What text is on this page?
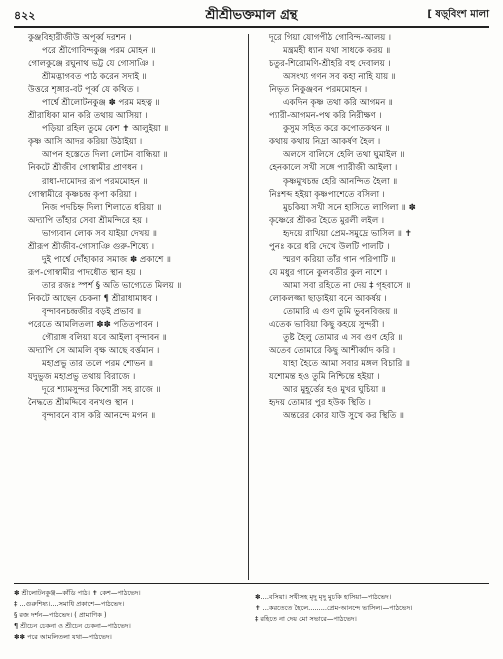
৪২২	শ্রীশ্রীভক্তমাল গ্রন্থ	[ ষড়্‌বিংশ মালা
কুঞ্জবিহারীজীউ অপূর্ব্ব দরশন ।
পরে শ্রীগোবিন্দকুঞ্জ পরম মোহন ॥
গোলকুঞ্জে রঘুনাথ ভট্ট যে গোসাঞি ।
শ্রীমদ্ভাগবত পাঠ করেন সদাই ॥
উত্তরে শৃঙ্গার-বট পূর্ব্ব যে কথিত ।
পার্শ্বে শ্রীলোটনকুঞ্জ ✽ পরম মহত্ব ॥
শ্রীরাধিকা মান করি তথায় আসিয়া ।
পড়িয়া রহিল তুমে কেশ ✝ আলুইয়া ॥
কৃষ্ণ আসি আদর করিয়া উঠাইয়া ।
আপন হস্তেতে দিলা লোটন বান্ধিয়া ॥
নিকটে শ্রীজীব গোস্বামীর প্রাণধন ।
রাধা-দামোদর রূপ পরমমোহন ॥
গোস্বামীরে কৃষ্ণচন্দ্র কৃপা করিয়া ।
নিজ পদচিহ্ন দিলা শিলাতে ধরিয়া ॥
অদ্যাপি তাঁহার সেবা শ্রীমন্দিরে হয় ।
ভাগ্যবান লোক সব যাইয়া দেখয় ॥
শ্রীরূপ শ্রীজীব-গোসাঞি গুরু-শিষ্যে ।
দুই পার্শ্বে দোঁহাকার সমাজ ✽ প্রকাশে ॥
রূপ-গোস্বামীর পাদধৌত স্থান হয় ।
তার রজঃ স্পর্শ § অতি ভাগ্যেতে মিলয় ॥
নিকটে আছেন চেকনা ¶ শ্রীরাধামাধব ।
বৃন্দাবনচন্দ্রজীর বড়ই প্রভাব ॥
পরেতে আমলিতলা ✽✽ পতিতপাবন ।
গৌরাঙ্গ বলিয়া যবে আইলা বৃন্দাবন ॥
অদ্যাপি সে আমলি বৃক্ষ আছে বর্ত্তমান ।
মহাপ্রভু তার তলে পরম শোভন ॥
যদুভুজ মহাপ্রভু তথায় বিরাজে ।
দূরে শ্যামসুন্দর কিশোরী সহ রাজে ॥
নৈদ্ধতে শ্রীমদ্দিবে বনখণ্ড স্থান ।
বৃন্দাবনে বাস করি আনন্দে মগন ॥
দূরে গিয়া যোগপীঠ গোবিন্দ-আলয় ।
মন্ত্রমহী ধ্যান যথা সাধকে করয় ॥
চতুর-শিরোমণি-শ্রীহরি বহু দেবালয় ।
অসংখ্য গণন সব কহা নাহি যায় ॥
নিভৃত নিকুঞ্জবন পরমমোহন ।
একদিন কৃষ্ণ তথা করি আগমন ॥
প্যারী-আগমন-পথ করি নিরীক্ষণ ।
কুসুম সহিত করে কপোতকথন ॥
কথায় কথায় নিদ্রা আকর্ষণ হৈল ।
অলসে বালিসে হেলি তথা ঘুমাইল ॥
হেনকালে সখী সঙ্গে প্যারীজী আইলা ।
কৃষ্ণমুখচন্দ্র হেরি আনন্দিত হৈলা ॥
নিঃশব্দ হইয়া কৃষ্ণপাশেতে বসিলা ।
মুচকিয়া সখী সনে হাসিতে লাগিলা ॥ ✽
কৃষ্ণেরে শ্রীকর হৈতে মুরলী লইল ।
হৃদয়ে রাখিয়া প্রেম-সমুদ্রে ভাসিল ॥ ✝
পুনঃ করে ধরি দেখে উলটি পালটি ।
স্মরণ করিয়া তাঁর গান পরিপাটি ॥
যে মধুর গানে কুলবতীর কুল নাশে ।
আমা সবা রহিতে না দেয় ‡ গৃহবাসে ॥
লোকলজ্জা ছাড়াইয়া বনে আকর্ষয় ।
তোমারি এ গুণ তুমি ভুবনবিজয় ॥
এতেক ভাবিয়া কিছু কহয়ে সুন্দরী ।
তুষ্ট হৈলু তোমার এ সব গুণ হেরি ॥
অতেব তোমারে কিছু আশীর্ব্বাদ করি ।
যাহা হৈতে আমা সবার মঙ্গল বিচারি ॥
যশোমন্ত হও তুমি নিশ্চিন্তে হইয়া ।
আর মুহূর্ত্তের হও মুখর ঘুচিয়া ॥
হৃদয় তোমার পুর হউক স্থিতি ।
অন্তরের কোর যাউ সুখে কর স্থিতি ॥
✽ শ্রীলোটনকুঞ্জ—কাঁডি পাঠ। ✝ কেশ—পাঠভেদ।
‡ ...গুরুশিষ্য।....সমাধি প্রকাশে—পাঠভেদ।
§ রজ দর্শন—পাঠভেদ। ( প্রামাণিক )
¶ শ্রীচেন চেকনা ও শ্রীচেন চেকনা—পাঠভেদ।
✽✽ পরে আমলিতলা যথা—পাঠভেদ।
✽....বসিয়া। সখীসহ মৃদু মৃদু মুচকি হাসিয়া—পাঠভেদ।
✝ ...করতেতে হৈলে.........প্রেম-আনন্দে ভাসিল।—পাঠভেদ।
‡ রহিতে না দেয় মো সভারে—পাঠভেদ।
